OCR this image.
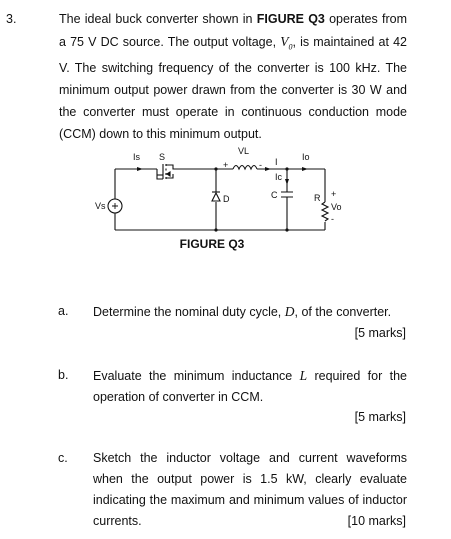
3.	The ideal buck converter shown in FIGURE Q3 operates from a 75 V DC source. The output voltage, $V_0$, is maintained at 42 V. The switching frequency of the converter is 100 kHz. The minimum output power drawn from the converter is 30 W and the converter must operate in continuous conduction mode (CCM) down to this minimum output.

Is S
+
VL
- I	Io
Ic
D	C	R +
Vo
-
Vs
FIGURE Q3
a. Determine the nominal duty cycle, D, of the converter.

[5 marks]
b. Evaluate the minimum inductance L required for the operation of converter in CCM.

[5 marks]
c. Sketch the inductor voltage and current waveforms when the output power is 1.5 kW, clearly evaluate indicating the maximum and minimum values of inductor currents.	[10 marks]
